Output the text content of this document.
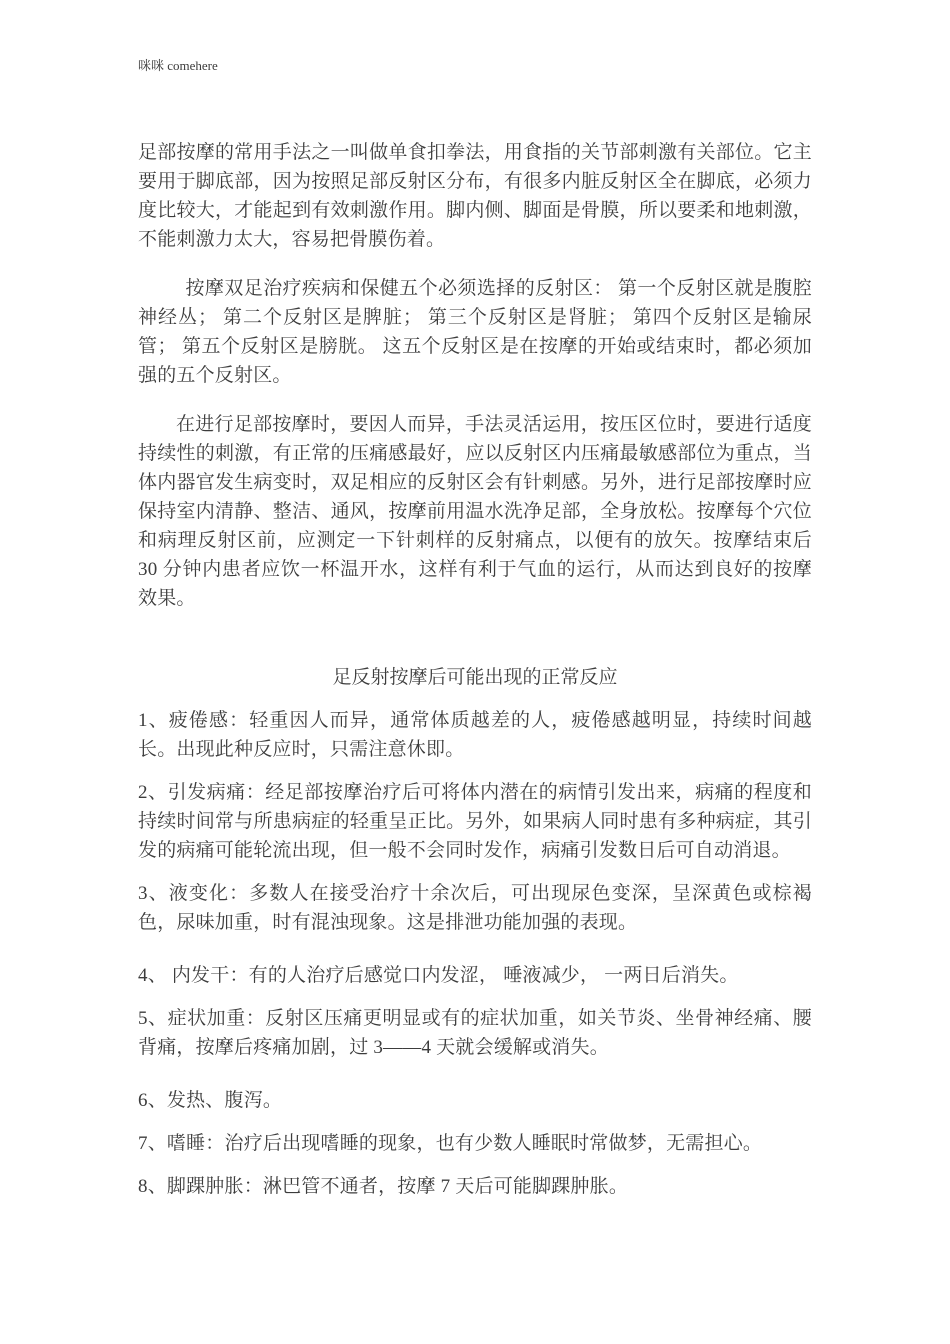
咪咪 comehere

足部按摩的常用手法之一叫做单食扣拳法，用食指的关节部刺激有关部位。它主要用于脚底部，因为按照足部反射区分布，有很多内脏反射区全在脚底，必须力度比较大，才能起到有效刺激作用。脚内侧、脚面是骨膜，所以要柔和地刺激，不能刺激力太大，容易把骨膜伤着。

按摩双足治疗疾病和保健五个必须选择的反射区： 第一个反射区就是腹腔神经丛； 第二个反射区是脾脏； 第三个反射区是肾脏； 第四个反射区是输尿管； 第五个反射区是膀胱。 这五个反射区是在按摩的开始或结束时，都必须加强的五个反射区。

在进行足部按摩时，要因人而异，手法灵活运用，按压区位时，要进行适度持续性的刺激，有正常的压痛感最好，应以反射区内压痛最敏感部位为重点，当体内器官发生病变时，双足相应的反射区会有针刺感。另外，进行足部按摩时应保持室内清静、整洁、通风，按摩前用温水洗净足部，全身放松。按摩每个穴位和病理反射区前，应测定一下针刺样的反射痛点，以便有的放矢。按摩结束后 30 分钟内患者应饮一杯温开水，这样有利于气血的运行，从而达到良好的按摩效果。

足反射按摩后可能出现的正常反应

1、疲倦感：轻重因人而异，通常体质越差的人，疲倦感越明显，持续时间越长。出现此种反应时，只需注意休即。

2、引发病痛：经足部按摩治疗后可将体内潜在的病情引发出来，病痛的程度和持续时间常与所患病症的轻重呈正比。另外，如果病人同时患有多种病症，其引发的病痛可能轮流出现，但一般不会同时发作，病痛引发数日后可自动消退。

3、液变化：多数人在接受治疗十余次后，可出现尿色变深，呈深黄色或棕褐色，尿味加重，时有混浊现象。这是排泄功能加强的表现。

4、 内发干：有的人治疗后感觉口内发涩， 唾液减少， 一两日后消失。

5、症状加重：反射区压痛更明显或有的症状加重，如关节炎、坐骨神经痛、腰背痛，按摩后疼痛加剧，过 3——4 天就会缓解或消失。

6、发热、腹泻。

7、嗜睡：治疗后出现嗜睡的现象，也有少数人睡眠时常做梦，无需担心。

8、脚踝肿胀：淋巴管不通者，按摩 7 天后可能脚踝肿胀。
